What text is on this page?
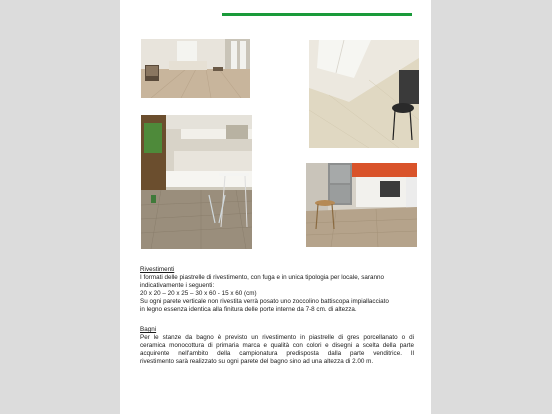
Rivestimenti
I formati delle piastrelle di rivestimento, con fuga e in unica tipologia per locale, saranno
indicativamente i seguenti:
20 x 20 – 20 x 25 – 30 x 60 - 15 x 60 (cm)
Su ogni parete verticale non rivestita verrà posato uno zoccolino battiscopa impiallacciato
in legno essenza identica alla finitura delle porte interne da 7-8 cm. di altezza.
Bagni
Per le stanze da bagno è previsto un rivestimento in piastrelle di gres porcellanato o di
ceramica monocottura di primaria marca e qualità con colori e disegni a scelta della parte
acquirente nell'ambito della campionatura predisposta dalla parte venditrice. Il
rivestimento sarà realizzato su ogni parete del bagno sino ad una altezza di 2.00 m.
